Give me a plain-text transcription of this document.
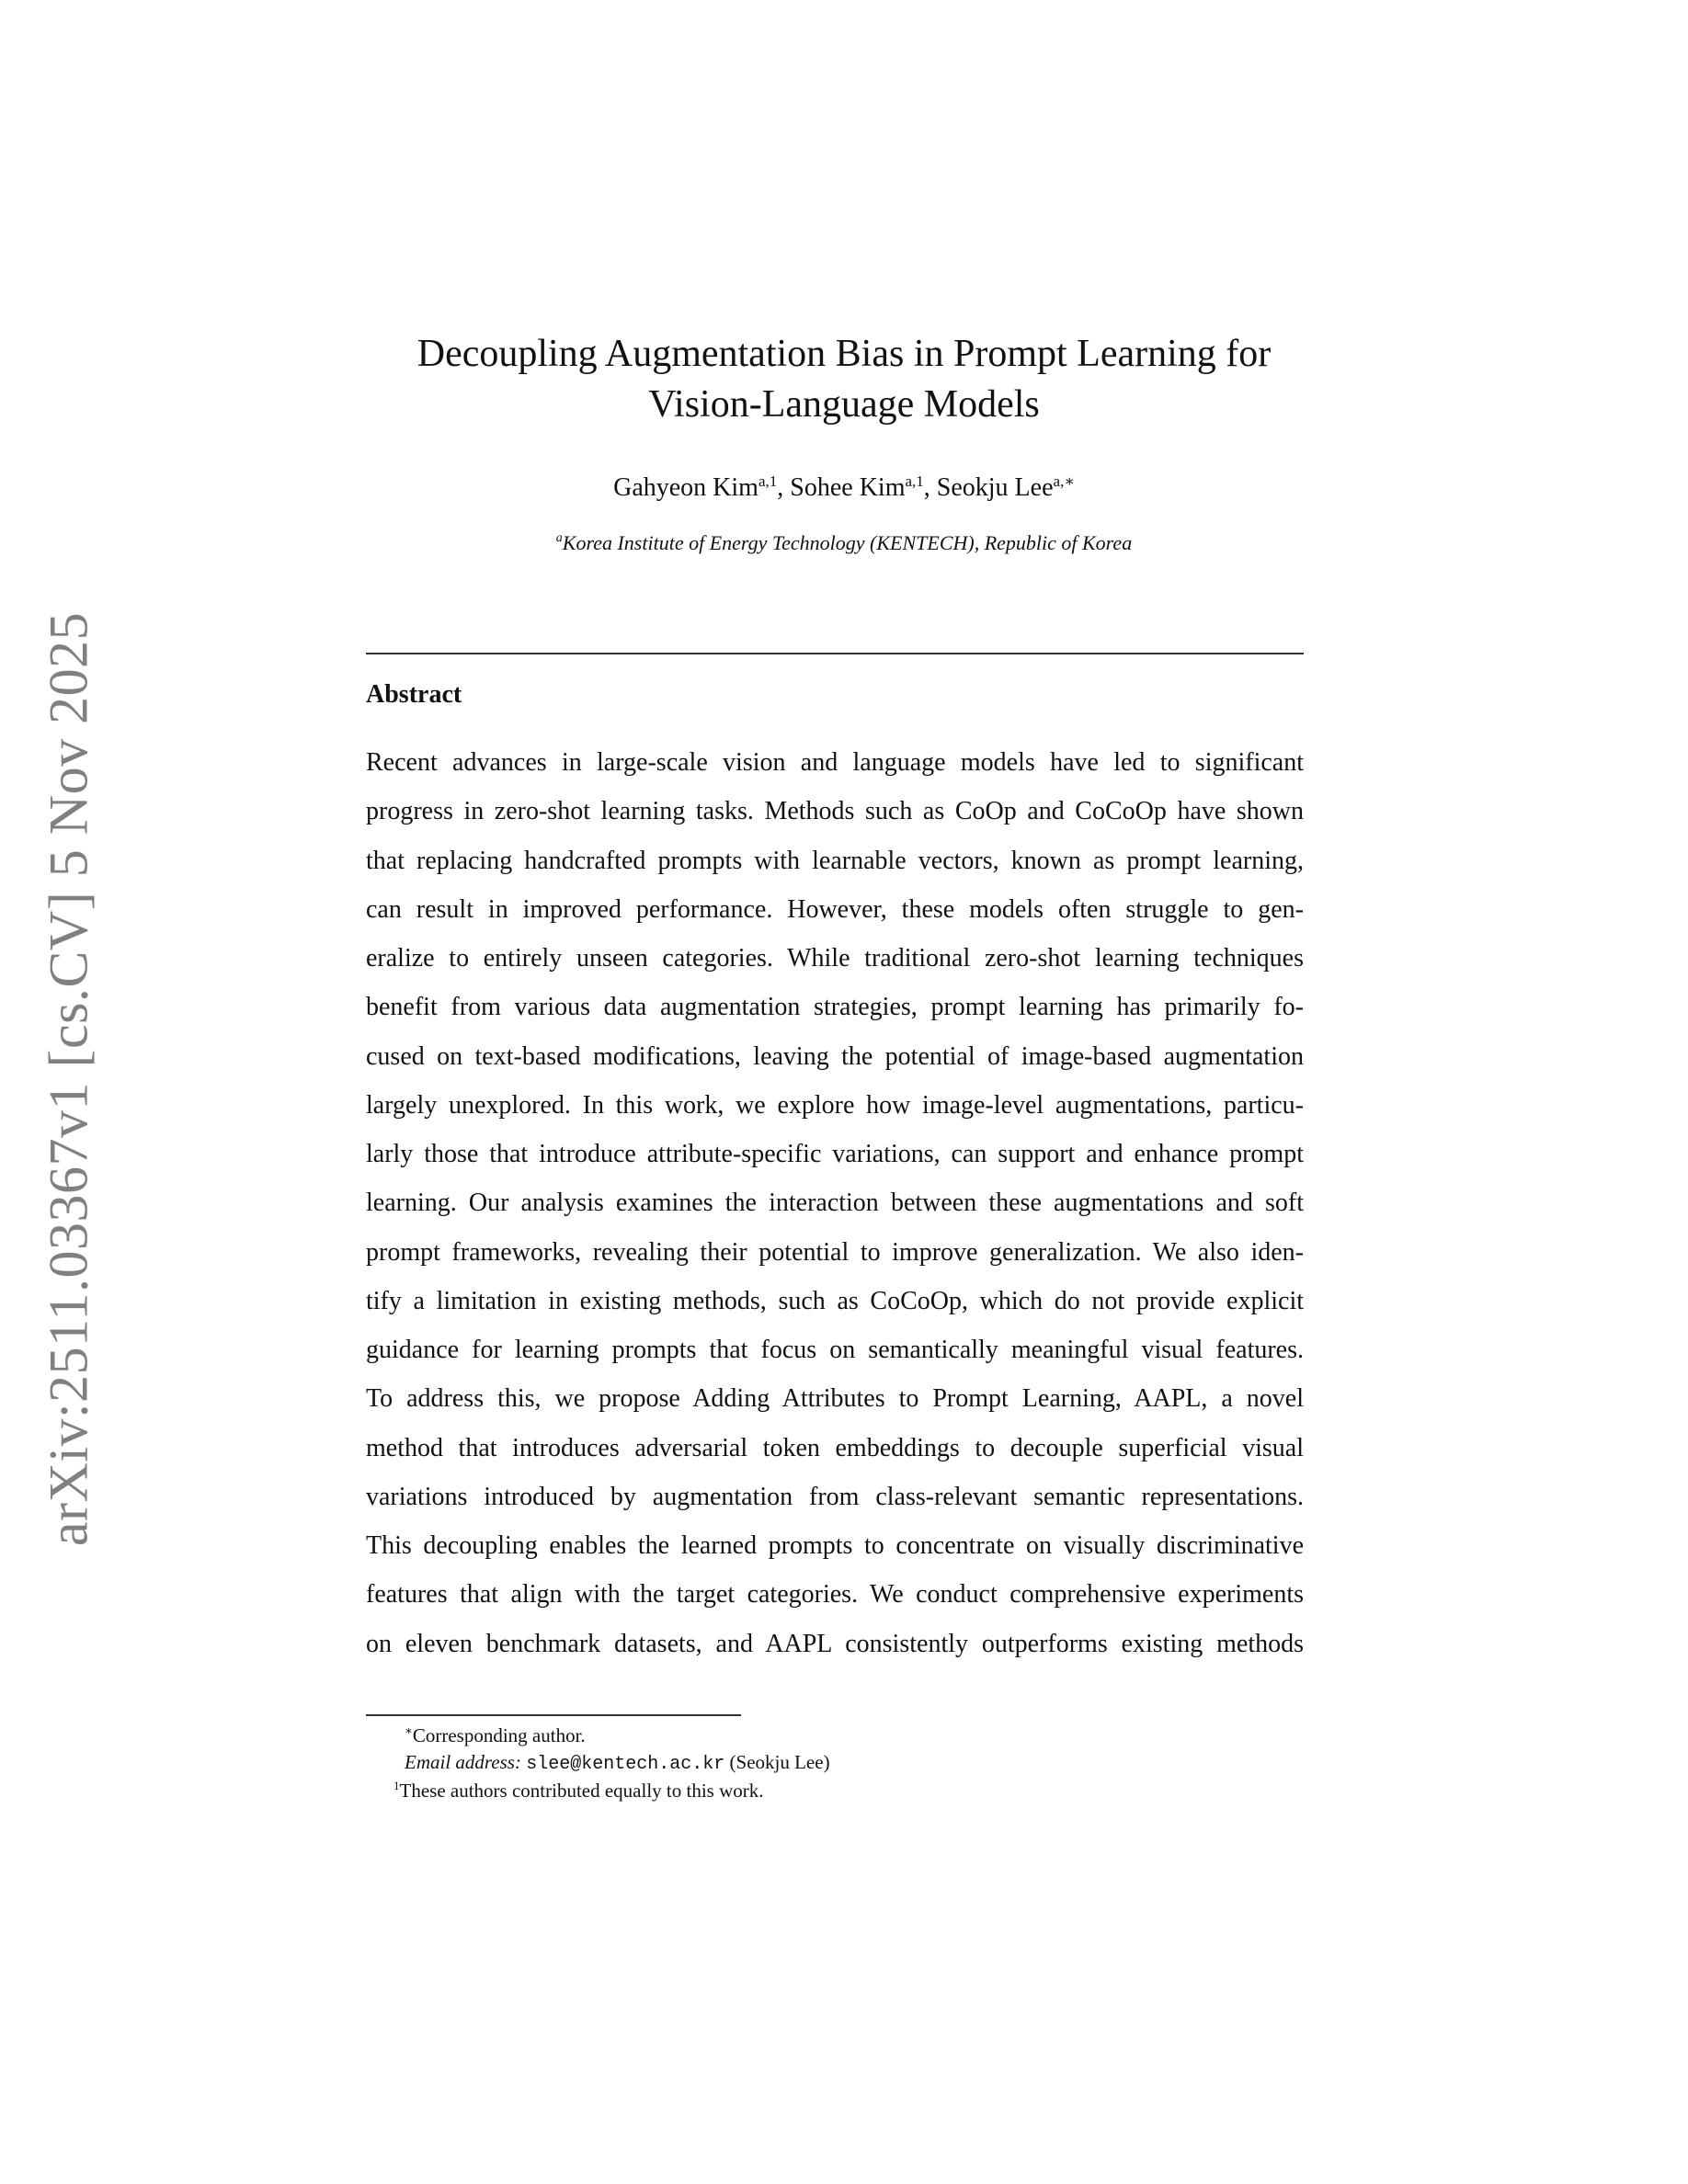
arXiv:2511.03367v1 [cs.CV] 5 Nov 2025
Decoupling Augmentation Bias in Prompt Learning for
Vision-Language Models
Gahyeon Kim$^{a,1}$, Sohee Kim$^{a,1}$, Seokju Lee$^{a,∗}$
$^a$Korea Institute of Energy Technology (KENTECH), Republic of Korea
Abstract
Recent advances in large-scale vision and language models have led to significant
progress in zero-shot learning tasks. Methods such as CoOp and CoCoOp have shown
that replacing handcrafted prompts with learnable vectors, known as prompt learning,
can result in improved performance. However, these models often struggle to gen-
eralize to entirely unseen categories. While traditional zero-shot learning techniques
benefit from various data augmentation strategies, prompt learning has primarily fo-
cused on text-based modifications, leaving the potential of image-based augmentation
largely unexplored. In this work, we explore how image-level augmentations, particu-
larly those that introduce attribute-specific variations, can support and enhance prompt
learning. Our analysis examines the interaction between these augmentations and soft
prompt frameworks, revealing their potential to improve generalization. We also iden-
tify a limitation in existing methods, such as CoCoOp, which do not provide explicit
guidance for learning prompts that focus on semantically meaningful visual features.
To address this, we propose Adding Attributes to Prompt Learning, AAPL, a novel
method that introduces adversarial token embeddings to decouple superficial visual
variations introduced by augmentation from class-relevant semantic representations.
This decoupling enables the learned prompts to concentrate on visually discriminative
features that align with the target categories. We conduct comprehensive experiments
on eleven benchmark datasets, and AAPL consistently outperforms existing methods
∗Corresponding author.
Email address: slee@kentech.ac.kr (Seokju Lee)
$^1$These authors contributed equally to this work.
